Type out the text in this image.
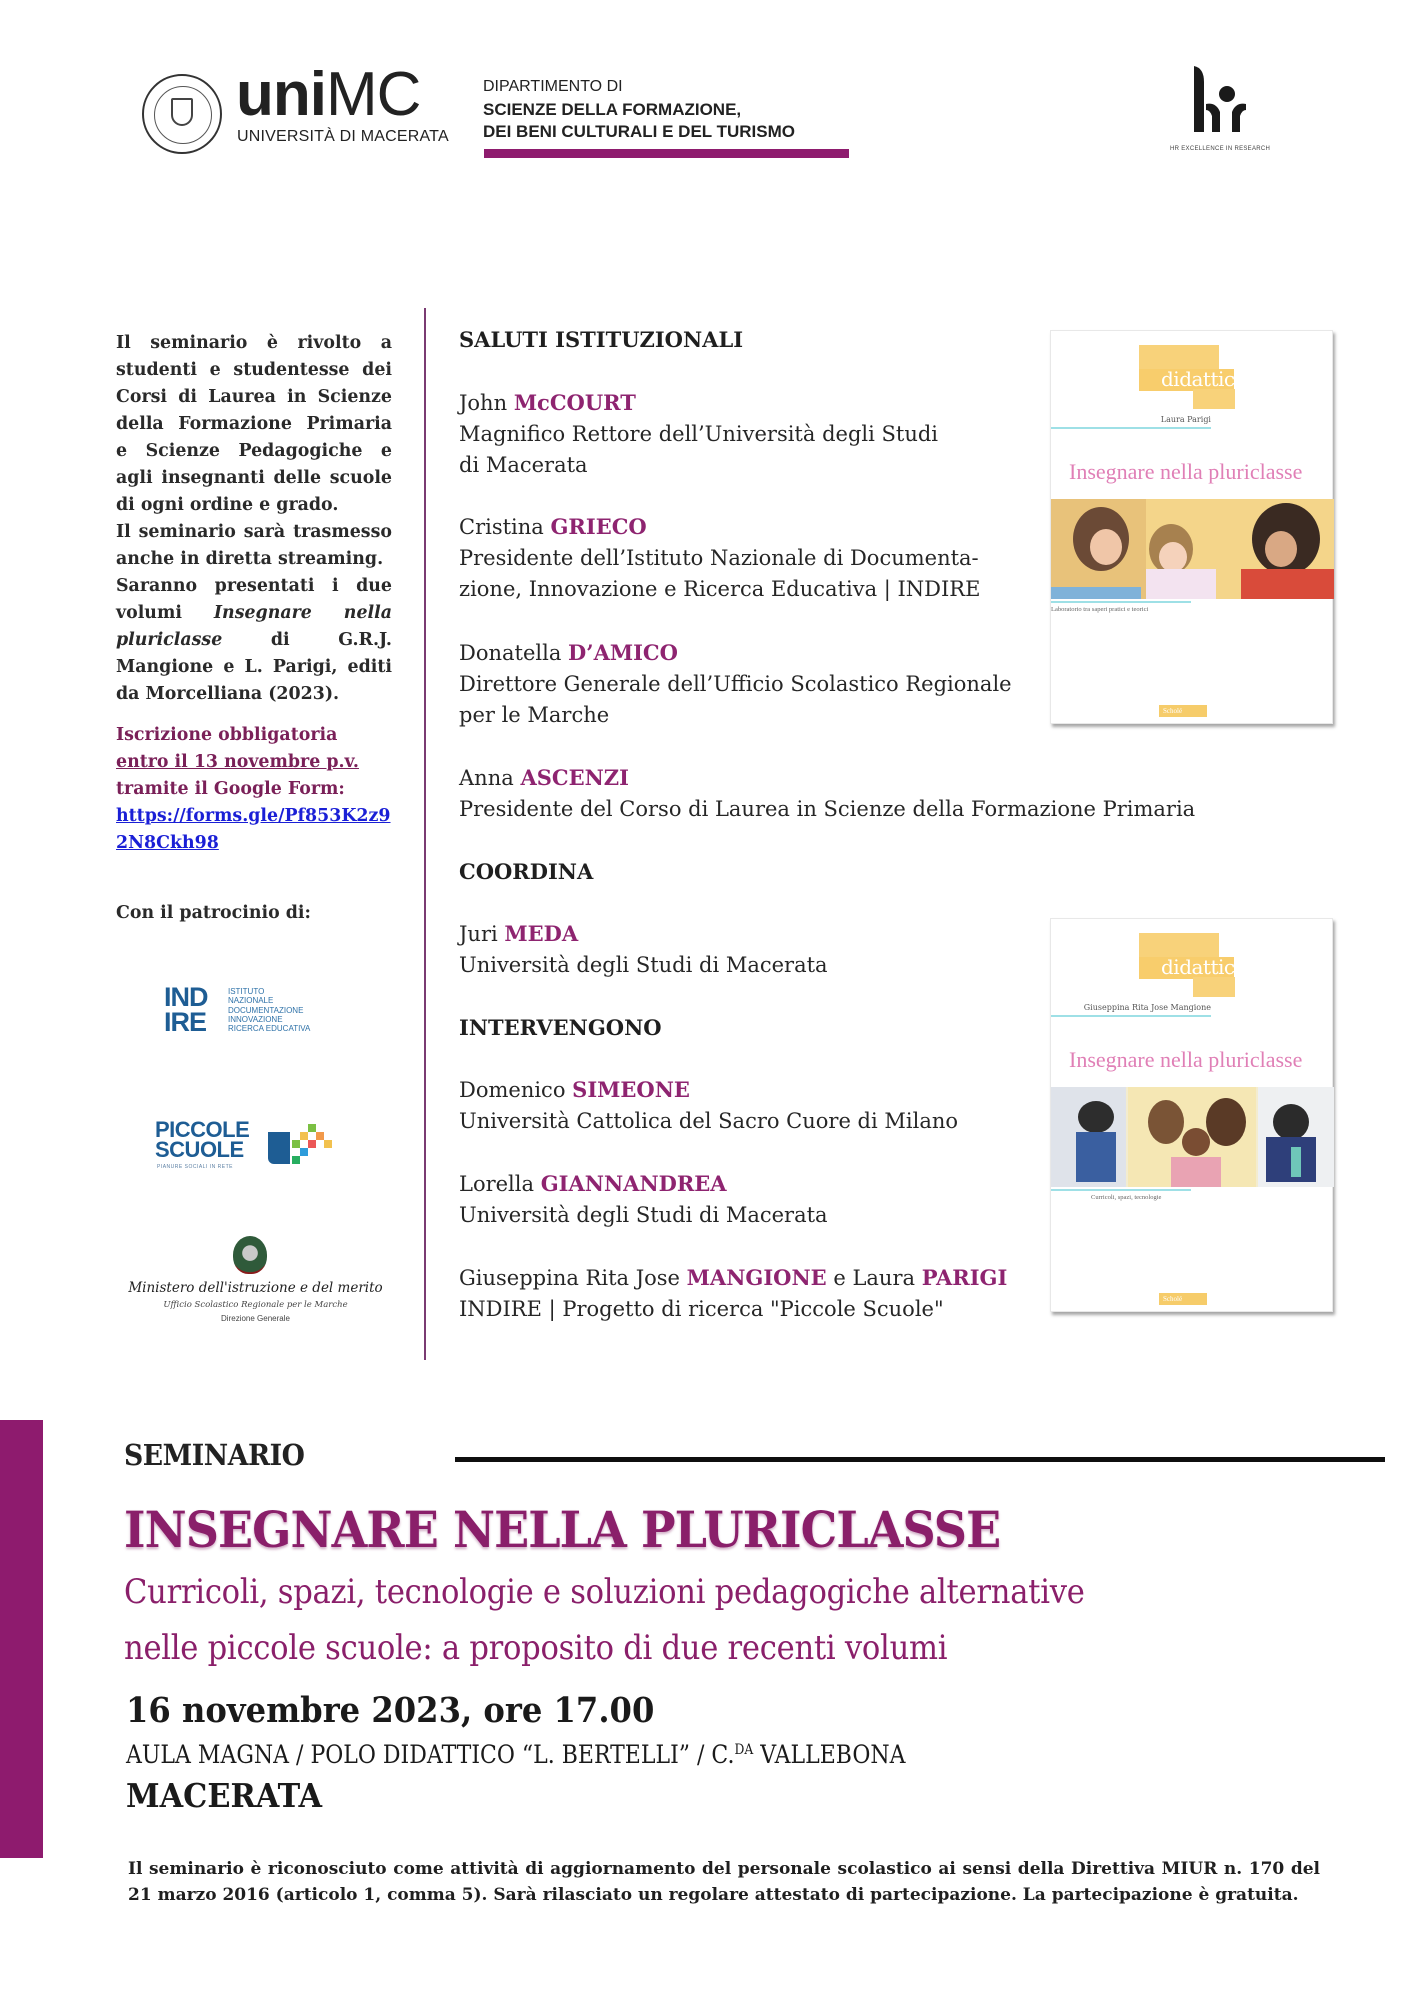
uniMC
UNIVERSITÀ DI MACERATA
DIPARTIMENTO DI
SCIENZE DELLA FORMAZIONE,
DEI BENI CULTURALI E DEL TURISMO
HR EXCELLENCE IN RESEARCH

Il seminario è rivolto a studenti e studentesse dei Corsi di Laurea in Scienze della Formazione Primaria e Scienze Pedagogiche e agli insegnanti delle scuole di ogni ordine e grado.

Il seminario sarà trasmesso anche in diretta streaming.

Saranno presentati i due volumi Insegnare nella pluriclasse di G.R.J. Mangione e L. Parigi, editi da Morcelliana (2023).

Iscrizione obbligatoria
entro il 13 novembre p.v.
tramite il Google Form:
https://forms.gle/Pf853K2z92N8Ckh98

Con il patrocinio di:
IND
IRE
ISTITUTO
NAZIONALE
DOCUMENTAZIONE
INNOVAZIONE
RICERCA EDUCATIVA
PICCOLE
SCUOLE
PIANURE SOCIALI IN RETE
Ministero dell'istruzione e del merito
Ufficio Scolastico Regionale per le Marche
Direzione Generale
SALUTI ISTITUZIONALI
John McCOURT
Magnifico Rettore dell’Università degli Studi
di Macerata
Cristina GRIECO
Presidente dell’Istituto Nazionale di Documenta-
zione, Innovazione e Ricerca Educativa | INDIRE
Donatella D’AMICO
Direttore Generale dell’Ufficio Scolastico Regionale
per le Marche
Anna ASCENZI
Presidente del Corso di Laurea in Scienze della Formazione Primaria
COORDINA
Juri MEDA
Università degli Studi di Macerata
INTERVENGONO
Domenico SIMEONE
Università Cattolica del Sacro Cuore di Milano
Lorella GIANNANDREA
Università degli Studi di Macerata
Giuseppina Rita Jose MANGIONE e Laura PARIGI
INDIRE | Progetto di ricerca "Piccole Scuole"
didattica
Laura Parigi
Insegnare nella pluriclasse
Laboratorio tra saperi pratici e teorici
Scholé
didattica
Giuseppina Rita Jose Mangione
Insegnare nella pluriclasse
Curricoli, spazi, tecnologie
Scholé
SEMINARIO
INSEGNARE NELLA PLURICLASSE
Curricoli, spazi, tecnologie e soluzioni pedagogiche alternative
nelle piccole scuole: a proposito di due recenti volumi
16 novembre 2023, ore 17.00
AULA MAGNA / POLO DIDATTICO “L. BERTELLI” / C.$^{DA}$ VALLEBONA
MACERATA
Il seminario è riconosciuto come attività di aggiornamento del personale scolastico ai sensi della Direttiva MIUR n. 170 del 21 marzo 2016 (articolo 1, comma 5). Sarà rilasciato un regolare attestato di partecipazione. La partecipazione è gratuita.
